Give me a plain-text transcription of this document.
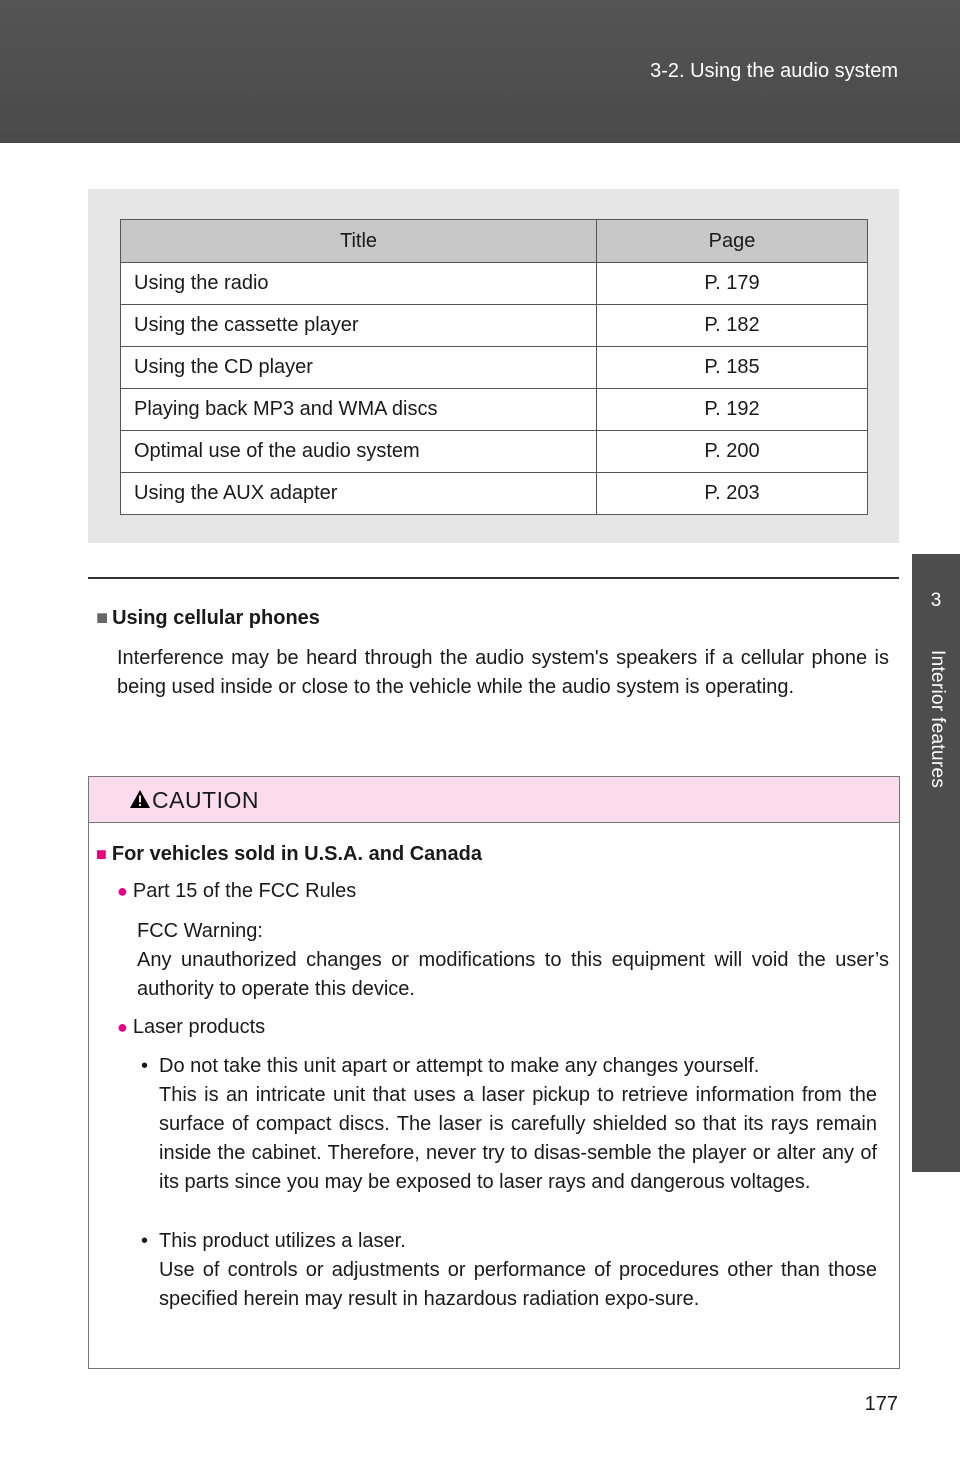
3-2. Using the audio system
3
Interior features
Title	Page
Using the radio	P. 179
Using the cassette player	P. 182
Using the CD player	P. 185
Playing back MP3 and WMA discs	P. 192
Optimal use of the audio system	P. 200
Using the AUX adapter	P. 203
■ Using cellular phones
Interference may be heard through the audio system's speakers if a cellular phone is being used inside or close to the vehicle while the audio system is operating.
CAUTION
■ For vehicles sold in U.S.A. and Canada
● Part 15 of the FCC Rules
FCC Warning:
Any unauthorized changes or modifications to this equipment will void the user’s authority to operate this device.
● Laser products
• Do not take this unit apart or attempt to make any changes yourself.
This is an intricate unit that uses a laser pickup to retrieve information from the surface of compact discs. The laser is carefully shielded so that its rays remain inside the cabinet. Therefore, never try to disas-semble the player or alter any of its parts since you may be exposed to laser rays and dangerous voltages.
• This product utilizes a laser.
Use of controls or adjustments or performance of procedures other than those specified herein may result in hazardous radiation expo-sure.
177
